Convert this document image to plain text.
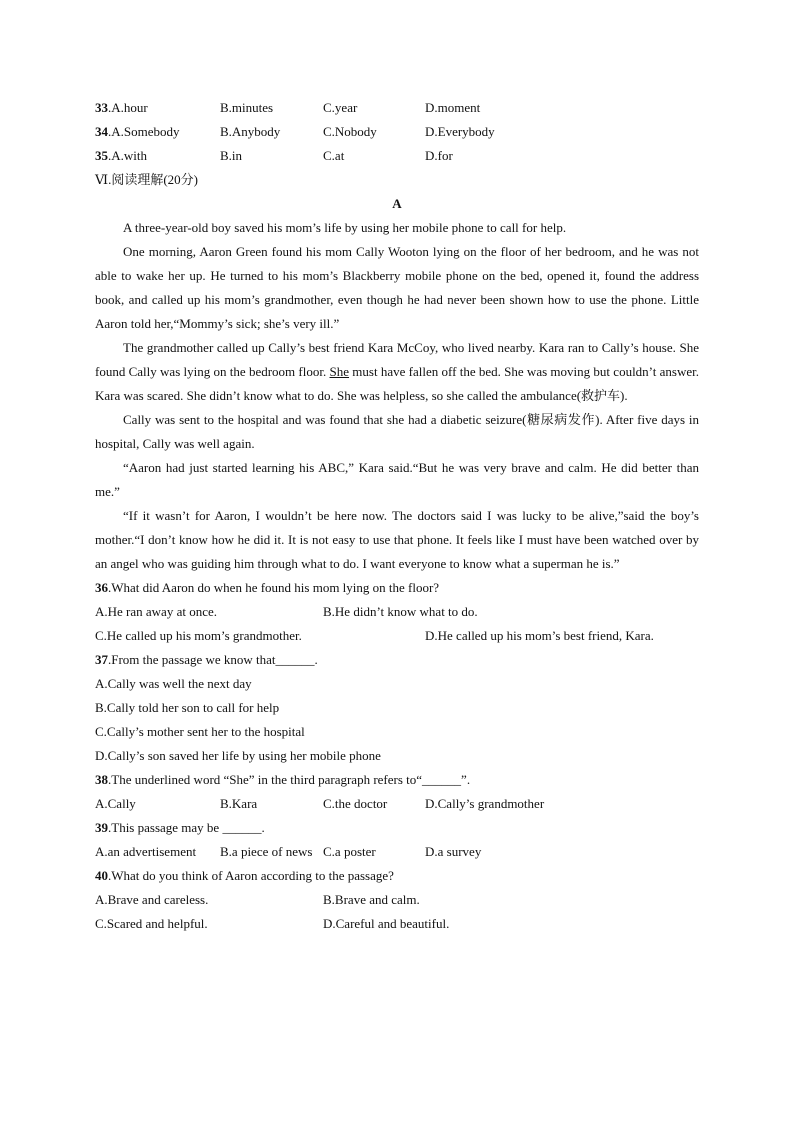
33.A.hour	B.minutes	C.year	D.moment
34.A.Somebody	B.Anybody	C.Nobody	D.Everybody
35.A.with	B.in	C.at	D.for
Ⅵ.阅读理解(20分)
A

A three-year-old boy saved his mom’s life by using her mobile phone to call for help.

One morning, Aaron Green found his mom Cally Wooton lying on the floor of her bedroom, and he was not able to wake her up. He turned to his mom’s Blackberry mobile phone on the bed, opened it, found the address book, and called up his mom’s grandmother, even though he had never been shown how to use the phone. Little Aaron told her,“Mommy’s sick; she’s very ill.”

The grandmother called up Cally’s best friend Kara McCoy, who lived nearby. Kara ran to Cally’s house. She found Cally was lying on the bedroom floor. She must have fallen off the bed. She was moving but couldn’t answer. Kara was scared. She didn’t know what to do. She was helpless, so she called the ambulance(救护车).

Cally was sent to the hospital and was found that she had a diabetic seizure(糖尿病发作). After five days in hospital, Cally was well again.

“Aaron had just started learning his ABC,” Kara said.“But he was very brave and calm. He did better than me.”

“If it wasn’t for Aaron, I wouldn’t be here now. The doctors said I was lucky to be alive,”said the boy’s mother.“I don’t know how he did it. It is not easy to use that phone. It feels like I must have been watched over by an angel who was guiding him through what to do. I want everyone to know what a superman he is.”

36.What did Aaron do when he found his mom lying on the floor?
A.He ran away at once.	B.He didn’t know what to do.
C.He called up his mom’s grandmother.	D.He called up his mom’s best friend, Kara.
37.From the passage we know that______.
A.Cally was well the next day
B.Cally told her son to call for help
C.Cally’s mother sent her to the hospital
D.Cally’s son saved her life by using her mobile phone
38.The underlined word “She” in the third paragraph refers to“______”.
A.Cally	B.Kara	C.the doctor	D.Cally’s grandmother
39.This passage may be ______.
A.an advertisement B.a piece of news C.a poster	D.a survey
40.What do you think of Aaron according to the passage?
A.Brave and careless.	B.Brave and calm.
C.Scared and helpful.	D.Careful and beautiful.
